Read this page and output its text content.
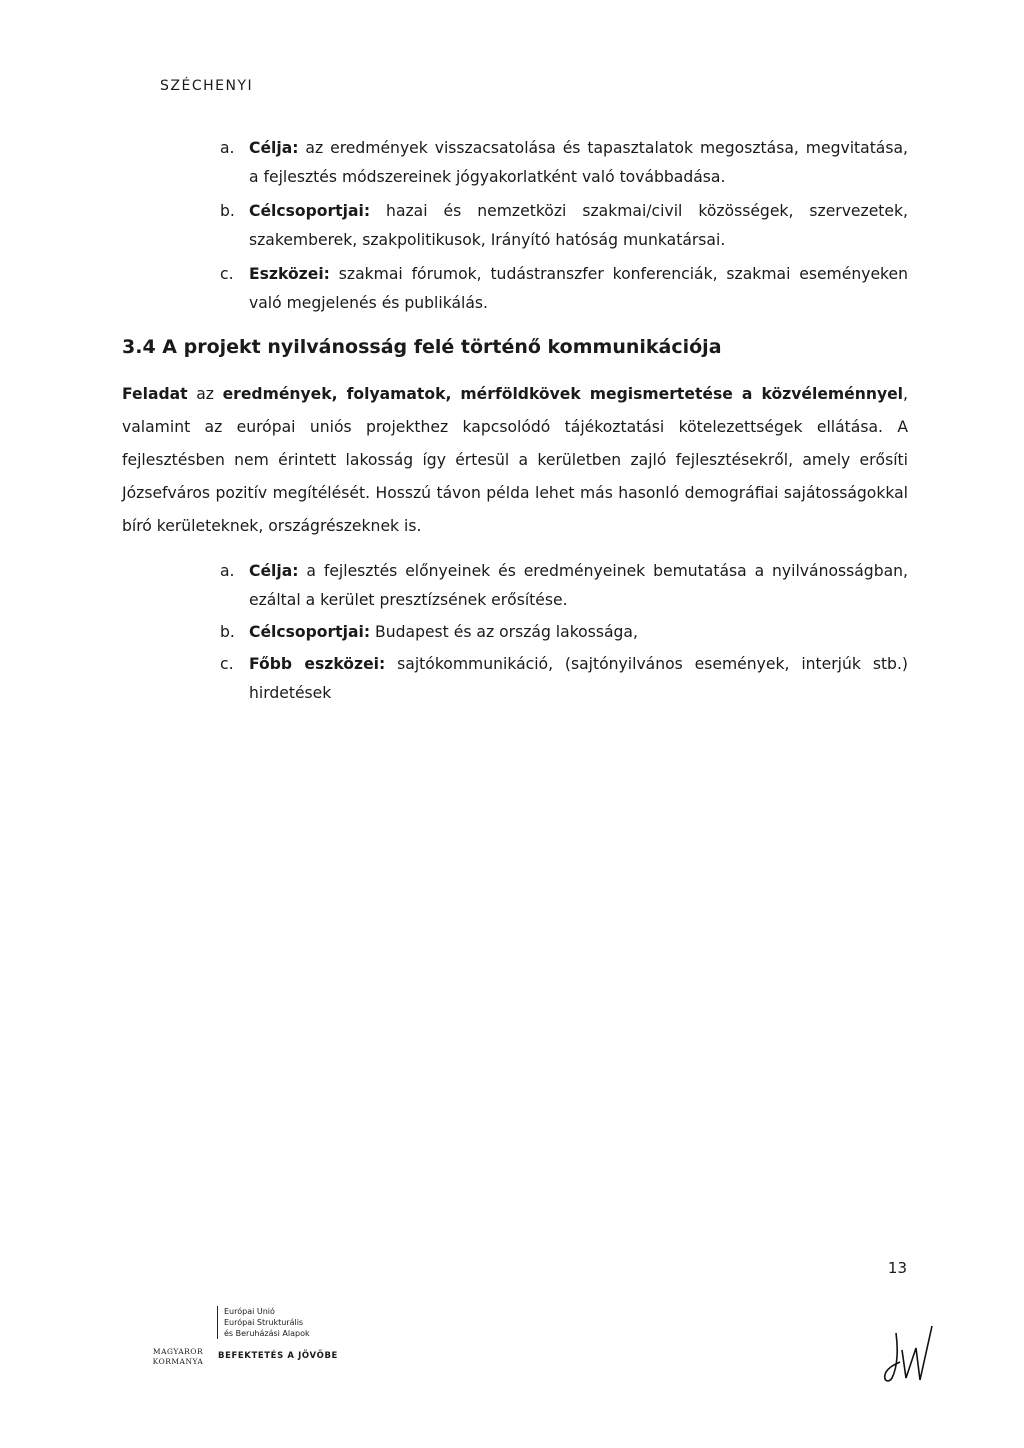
SZÉCHENYI
a. Célja: az eredmények visszacsatolása és tapasztalatok megosztása, megvitatása, a fejlesztés módszereinek jógyakorlatként való továbbadása.
b. Célcsoportjai: hazai és nemzetközi szakmai/civil közösségek, szervezetek, szakemberek, szakpolitikusok, Irányító hatóság munkatársai.
c. Eszközei: szakmai fórumok, tudástranszfer konferenciák, szakmai eseményeken való megjelenés és publikálás.
3.4 A projekt nyilvánosság felé történő kommunikációja

Feladat az eredmények, folyamatok, mérföldkövek megismertetése a közvéleménnyel, valamint az európai uniós projekthez kapcsolódó tájékoztatási kötelezettségek ellátása. A fejlesztésben nem érintett lakosság így értesül a kerületben zajló fejlesztésekről, amely erősíti Józsefváros pozitív megítélését. Hosszú távon példa lehet más hasonló demográfiai sajátosságokkal bíró kerületeknek, országrészeknek is.

a. Célja: a fejlesztés előnyeinek és eredményeinek bemutatása a nyilvánosságban, ezáltal a kerület presztízsének erősítése.
b. Célcsoportjai: Budapest és az ország lakossága,
c. Főbb eszközei: sajtókommunikáció, (sajtónyilvános események, interjúk stb.) hirdetések
13
MAGYAROR
KORMANYA
Európai Unió
Európai Strukturális
és Beruházási Alapok
BEFEKTETÉS A JÖVŐBE
